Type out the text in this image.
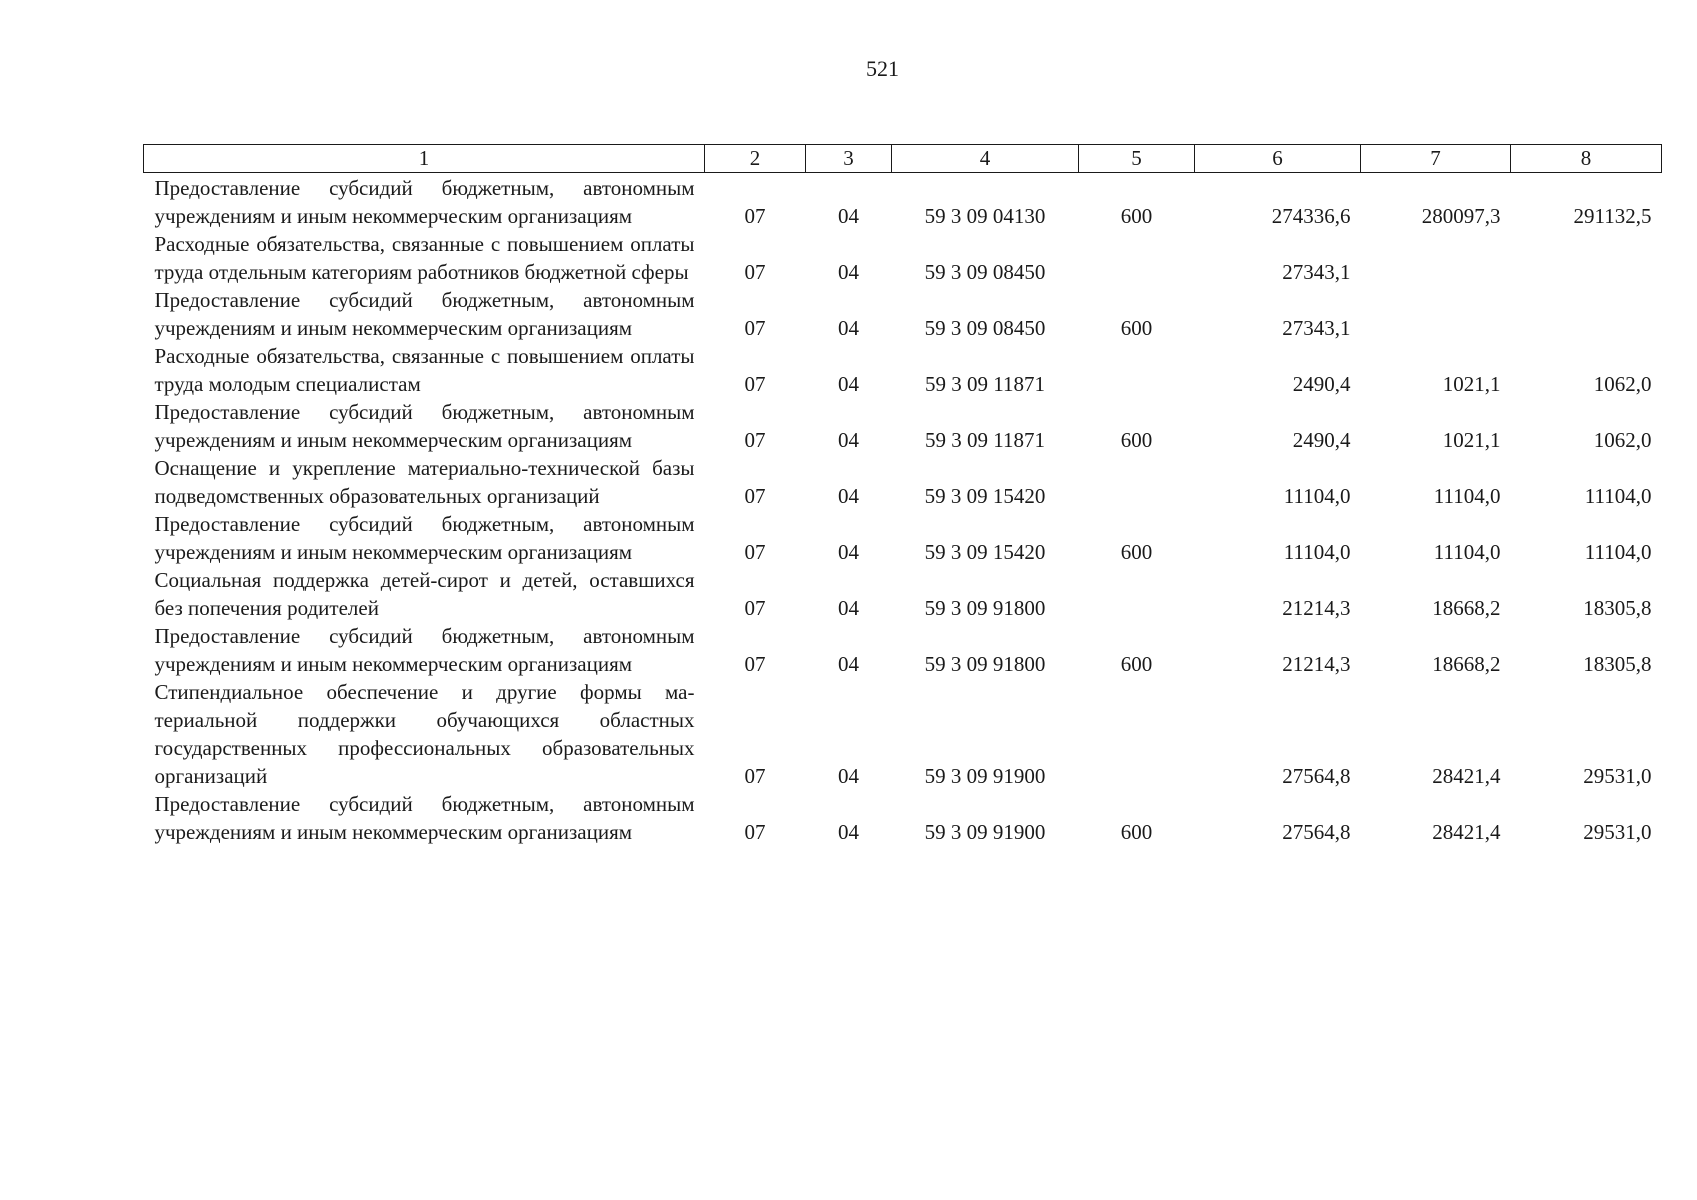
521
1	2	3	4	5	6	7	8
Предоставление субсидий бюджетным, автономным учреждениям и иным некоммерческим организациям	07	04	59 3 09 04130	600	274336,6	280097,3	291132,5
Расходные обязательства, связанные с повышением оплаты труда отдельным категориям работников бюджетной сферы	07	04	59 3 09 08450		27343,1		
Предоставление субсидий бюджетным, автономным учреждениям и иным некоммерческим организациям	07	04	59 3 09 08450	600	27343,1		
Расходные обязательства, связанные с повышением оплаты труда молодым специалистам	07	04	59 3 09 11871		2490,4	1021,1	1062,0
Предоставление субсидий бюджетным, автономным учреждениям и иным некоммерческим организациям	07	04	59 3 09 11871	600	2490,4	1021,1	1062,0
Оснащение и укрепление материально-технической базы подведомственных образовательных организаций	07	04	59 3 09 15420		11104,0	11104,0	11104,0
Предоставление субсидий бюджетным, автономным учреждениям и иным некоммерческим организациям	07	04	59 3 09 15420	600	11104,0	11104,0	11104,0
Социальная поддержка детей-сирот и детей, оставшихся без попечения родителей	07	04	59 3 09 91800		21214,3	18668,2	18305,8
Предоставление субсидий бюджетным, автономным учреждениям и иным некоммерческим организациям	07	04	59 3 09 91800	600	21214,3	18668,2	18305,8
Стипендиальное обеспечение и другие формы материальной поддержки обучающихся областных государственных профессиональных образовательных организаций	07	04	59 3 09 91900		27564,8	28421,4	29531,0
Предоставление субсидий бюджетным, автономным учреждениям и иным некоммерческим организациям	07	04	59 3 09 91900	600	27564,8	28421,4	29531,0
